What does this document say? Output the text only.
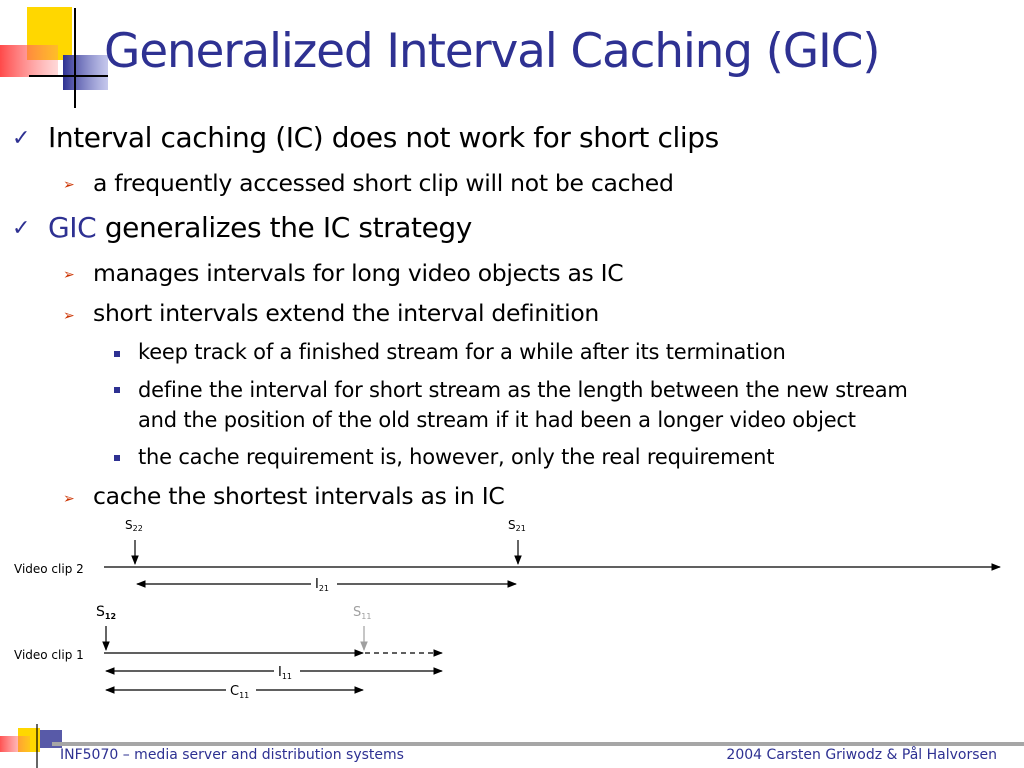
Generalized Interval Caching (GIC)
✓ Interval caching (IC) does not work for short clips
➢ a frequently accessed short clip will not be cached
✓ GIC generalizes the IC strategy
➢ manages intervals for long video objects as IC
➢ short intervals extend the interval definition
keep track of a finished stream for a while after its termination
define the interval for short stream as the length between the new stream
and the position of the old stream if it had been a longer video object
the cache requirement is, however, only the real requirement
➢ cache the shortest intervals as in IC
Video clip 2
S22	S21
$I_{21}$
Video clip 1
$S_{12}$	$S_{11}$
$I_{11}$
$C_{11}$
INF5070 – media server and distribution systems	2004 Carsten Griwodz & Pål Halvorsen
